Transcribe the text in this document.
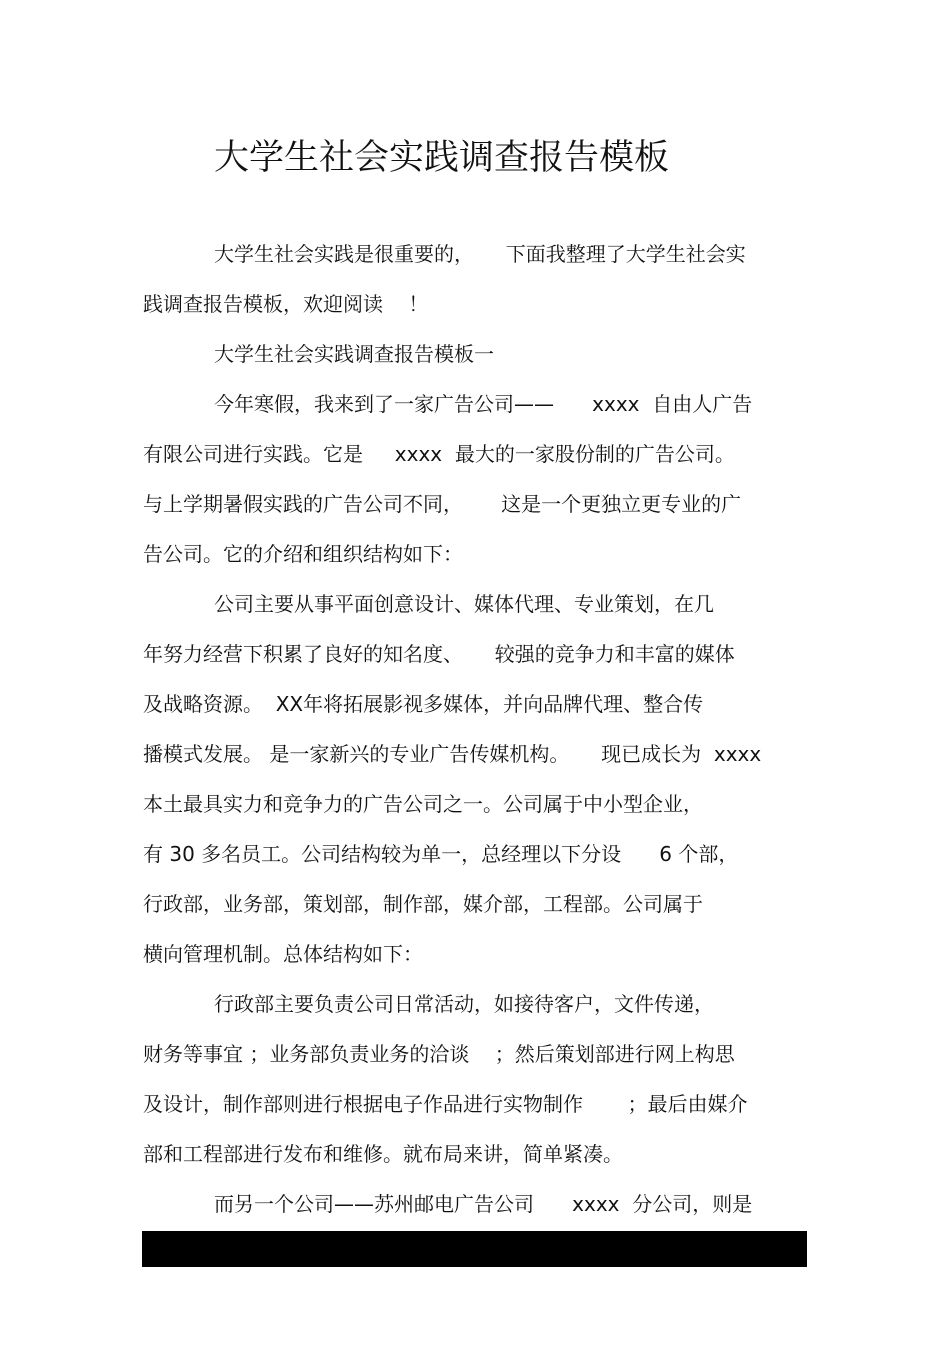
大学生社会实践调查报告模板
大学生社会实践是很重要的，     下面我整理了大学生社会实
践调查报告模板，欢迎阅读    ！
大学生社会实践调查报告模板一
今年寒假，我来到了一家广告公司——      xxxx  自由人广告
有限公司进行实践。它是     xxxx  最大的一家股份制的广告公司。
与上学期暑假实践的广告公司不同，      这是一个更独立更专业的广
告公司。它的介绍和组织结构如下：
公司主要从事平面创意设计、媒体代理、专业策划，在几
年努力经营下积累了良好的知名度、     较强的竞争力和丰富的媒体
及战略资源。  XX年将拓展影视多媒体，并向品牌代理、整合传
播模式发展。 是一家新兴的专业广告传媒机构。     现已成长为  xxxx
本土最具实力和竞争力的广告公司之一。公司属于中小型企业，
有 30 多名员工。公司结构较为单一，总经理以下分设      6 个部，
行政部，业务部，策划部，制作部，媒介部，工程部。公司属于
横向管理机制。总体结构如下：
行政部主要负责公司日常活动，如接待客户，文件传递，
财务等事宜 ；业务部负责业务的洽谈    ；然后策划部进行网上构思
及设计，制作部则进行根据电子作品进行实物制作       ；最后由媒介
部和工程部进行发布和维修。就布局来讲，简单紧凑。
而另一个公司——苏州邮电广告公司      xxxx  分公司，则是
